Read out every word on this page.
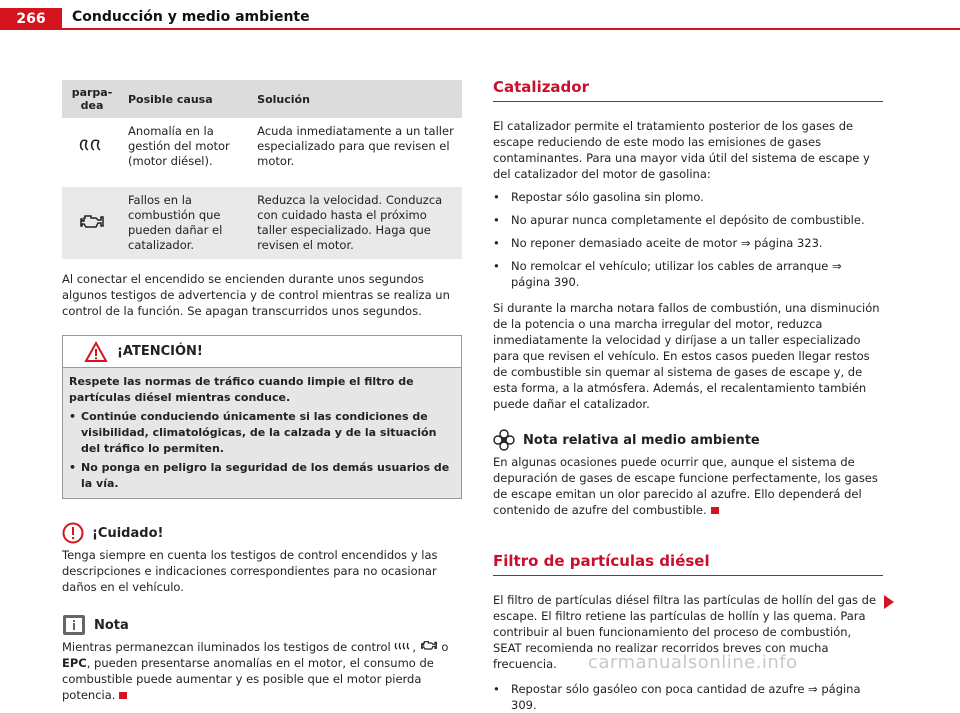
266	Conducción y medio ambiente
parpa-
dea	Posible causa	Solución
	Anomalía en la gestión del motor (motor diésel).	Acuda inmediatamente a un taller especializado para que revisen el motor.

	Fallos en la combustión que pueden dañar el catalizador.	Reduzca la velocidad. Conduzca con cuidado hasta el próximo taller especializado. Haga que revisen el motor.

Al conectar el encendido se encienden durante unos segundos algunos testigos de advertencia y de control mientras se realiza un control de la función. Se apagan transcurridos unos segundos.

¡ATENCIÓN!
Respete las normas de tráfico cuando limpie el filtro de partículas diésel mientras conduce.
• Continúe conduciendo únicamente si las condiciones de visibilidad, climatológicas, de la calzada y de la situación del tráfico lo permiten.
• No ponga en peligro la seguridad de los demás usuarios de la vía.
¡Cuidado!

Tenga siempre en cuenta los testigos de control encendidos y las descripciones e indicaciones correspondientes para no ocasionar daños en el vehículo.

Nota

Mientras permanezcan iluminados los testigos de control , o EPC, pueden presentarse anomalías en el motor, el consumo de combustible puede aumentar y es posible que el motor pierda potencia.

Catalizador

El catalizador permite el tratamiento posterior de los gases de escape reduciendo de este modo las emisiones de gases contaminantes. Para una mayor vida útil del sistema de escape y del catalizador del motor de gasolina:

• Repostar sólo gasolina sin plomo.
• No apurar nunca completamente el depósito de combustible.
• No reponer demasiado aceite de motor ⇒ página 323.
• No remolcar el vehículo; utilizar los cables de arranque ⇒ página 390.

Si durante la marcha notara fallos de combustión, una disminución de la potencia o una marcha irregular del motor, reduzca inmediatamente la velocidad y diríjase a un taller especializado para que revisen el vehículo. En estos casos pueden llegar restos de combustible sin quemar al sistema de gases de escape y, de esta forma, a la atmósfera. Además, el recalentamiento también puede dañar el catalizador.

Nota relativa al medio ambiente

En algunas ocasiones puede ocurrir que, aunque el sistema de depuración de gases de escape funcione perfectamente, los gases de escape emitan un olor parecido al azufre. Ello dependerá del contenido de azufre del combustible.

Filtro de partículas diésel

El filtro de partículas diésel filtra las partículas de hollín del gas de escape. El filtro retiene las partículas de hollín y las quema. Para contribuir al buen funcionamiento del proceso de combustión, SEAT recomienda no realizar recorridos breves con mucha frecuencia.

• Repostar sólo gasóleo con poca cantidad de azufre ⇒ página 309.
carmanualsonline.info
